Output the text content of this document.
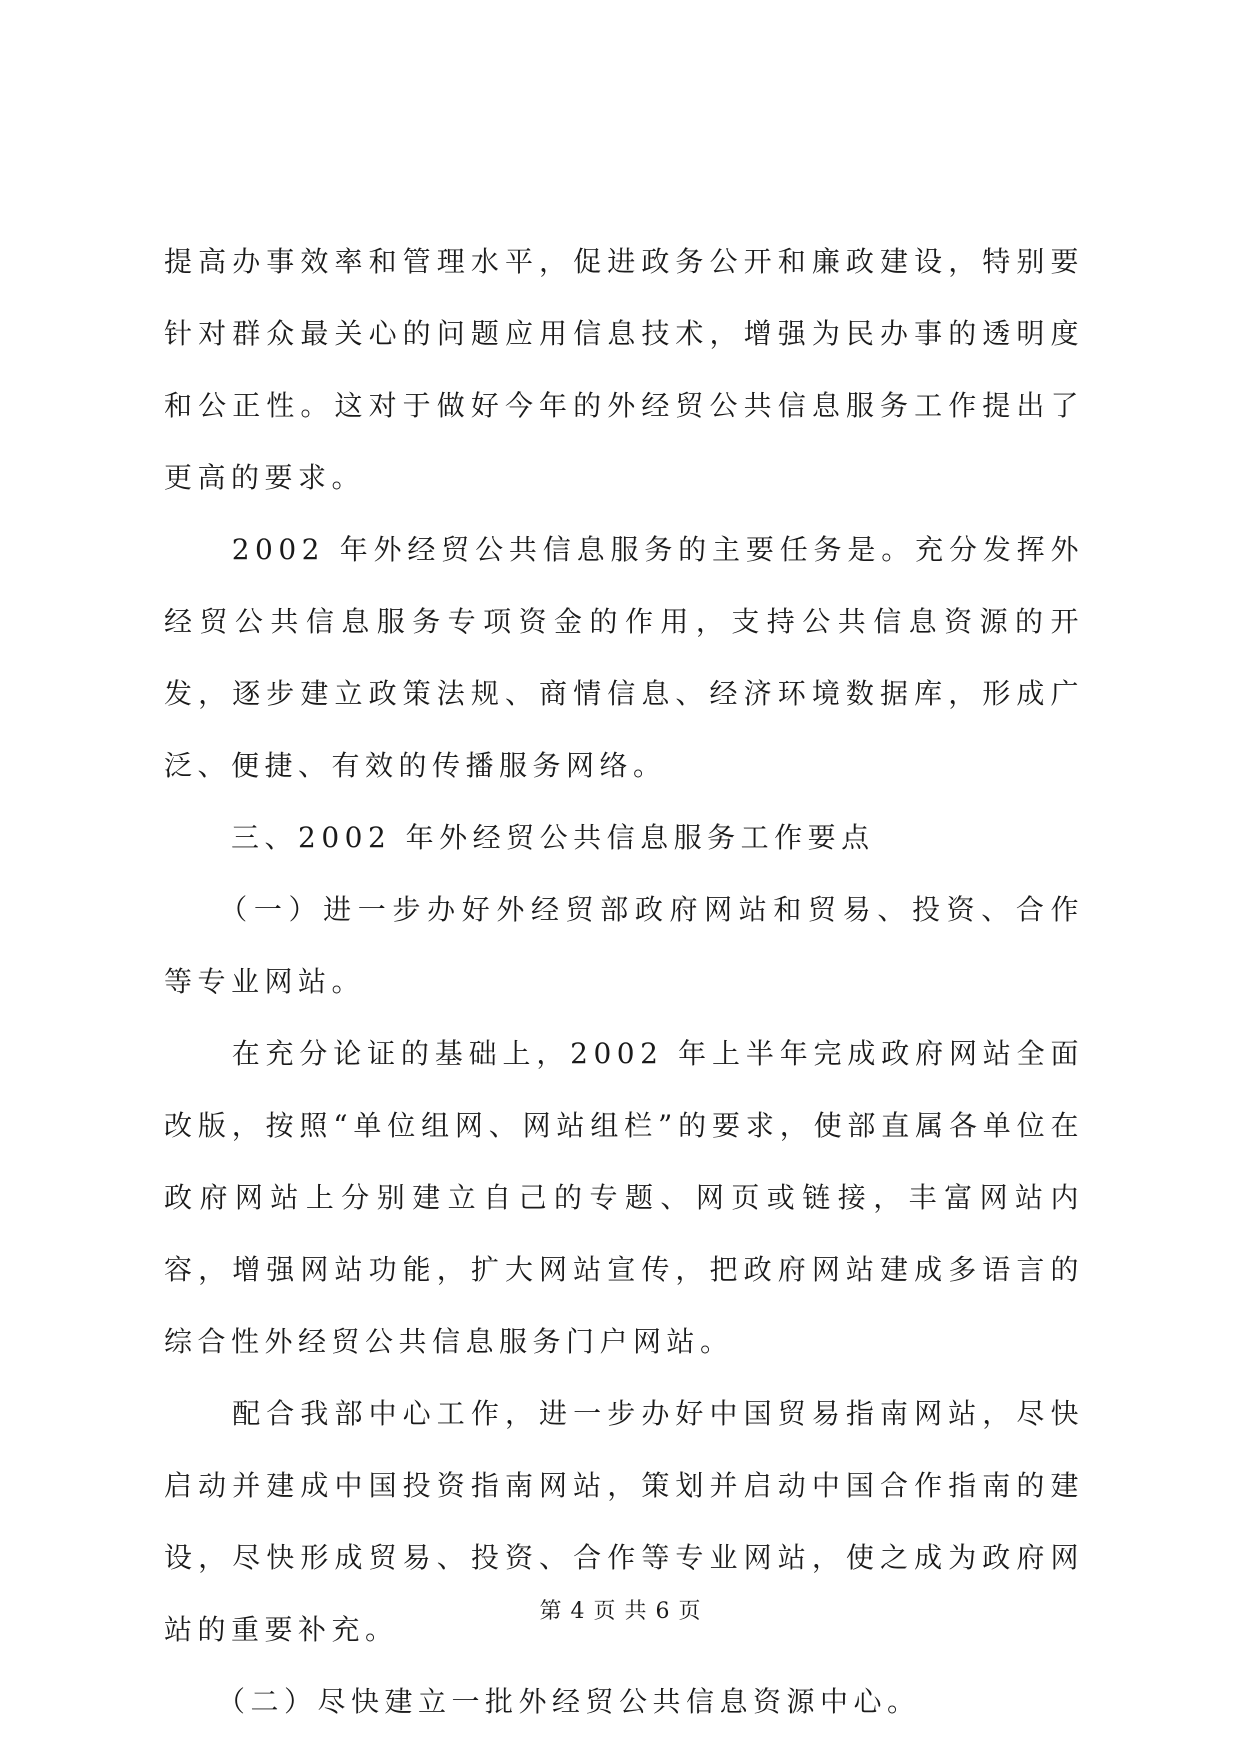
提高办事效率和管理水平，促进政务公开和廉政建设，特别要针对群众最关心的问题应用信息技术，增强为民办事的透明度和公正性。这对于做好今年的外经贸公共信息服务工作提出了更高的要求。

　　2002 年外经贸公共信息服务的主要任务是。充分发挥外经贸公共信息服务专项资金的作用，支持公共信息资源的开发，逐步建立政策法规、商情信息、经济环境数据库，形成广泛、便捷、有效的传播服务网络。

　　三、2002 年外经贸公共信息服务工作要点

　　（一）进一步办好外经贸部政府网站和贸易、投资、合作等专业网站。

　　在充分论证的基础上，2002 年上半年完成政府网站全面改版，按照“单位组网、网站组栏”的要求，使部直属各单位在政府网站上分别建立自己的专题、网页或链接，丰富网站内容，增强网站功能，扩大网站宣传，把政府网站建成多语言的综合性外经贸公共信息服务门户网站。

　　配合我部中心工作，进一步办好中国贸易指南网站，尽快启动并建成中国投资指南网站，策划并启动中国合作指南的建设，尽快形成贸易、投资、合作等专业网站，使之成为政府网站的重要补充。

　　（二）尽快建立一批外经贸公共信息资源中心。

第 4 页 共 6 页
